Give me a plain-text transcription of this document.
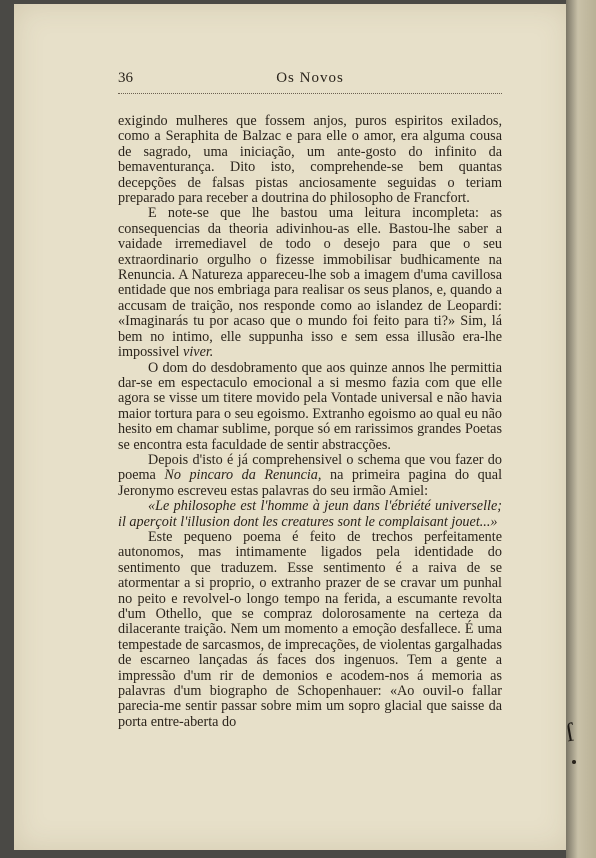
36	Os Novos

exigindo mulheres que fossem anjos, puros espiritos exilados, como a Seraphita de Balzac e para elle o amor, era alguma cousa de sagrado, uma iniciação, um ante-gosto do infinito da bemaventurança. Dito isto, comprehende-se bem quantas decepções de falsas pistas anciosamente seguidas o teriam preparado para receber a doutrina do philosopho de Francfort.

E note-se que lhe bastou uma leitura incompleta: as consequencias da theoria adivinhou-as elle. Bastou-lhe saber a vaidade irremediavel de todo o desejo para que o seu extraordinario orgulho o fizesse immobilisar budhicamente na Renuncia. A Natureza appareceu-lhe sob a imagem d'uma cavillosa entidade que nos embriaga para realisar os seus planos, e, quando a accusam de traição, nos responde como ao islandez de Leopardi: «Imaginarás tu por acaso que o mundo foi feito para ti?» Sim, lá bem no intimo, elle suppunha isso e sem essa illusão era-lhe impossivel viver.

O dom do desdobramento que aos quinze annos lhe permittia dar-se em espectaculo emocional a si mesmo fazia com que elle agora se visse um titere movido pela Vontade universal e não havia maior tortura para o seu egoismo. Extranho egoismo ao qual eu não hesito em chamar sublime, porque só em rarissimos grandes Poetas se encontra esta faculdade de sentir abstracções.

Depois d'isto é já comprehensivel o schema que vou fazer do poema No pincaro da Renuncia, na primeira pagina do qual Jeronymo escreveu estas palavras do seu irmão Amiel:

«Le philosophe est l'homme à jeun dans l'ébriété universelle; il aperçoit l'illusion dont les creatures sont le complaisant jouet...»

Este pequeno poema é feito de trechos perfeitamente autonomos, mas intimamente ligados pela identidade do sentimento que traduzem. Esse sentimento é a raiva de se atormentar a si proprio, o extranho prazer de se cravar um punhal no peito e revolvel-o longo tempo na ferida, a escumante revolta d'um Othello, que se compraz dolorosamente na certeza da dilacerante traição. Nem um momento a emoção desfallece. É uma tempestade de sarcasmos, de imprecações, de violentas gargalhadas de escarneo lançadas ás faces dos ingenuos. Tem a gente a impressão d'um rir de demonios e acodem-nos á memoria as palavras d'um biographo de Schopenhauer: «Ao ouvil-o fallar parecia-me sentir passar sobre mim um sopro glacial que saisse da porta entre-aberta do	ſ
